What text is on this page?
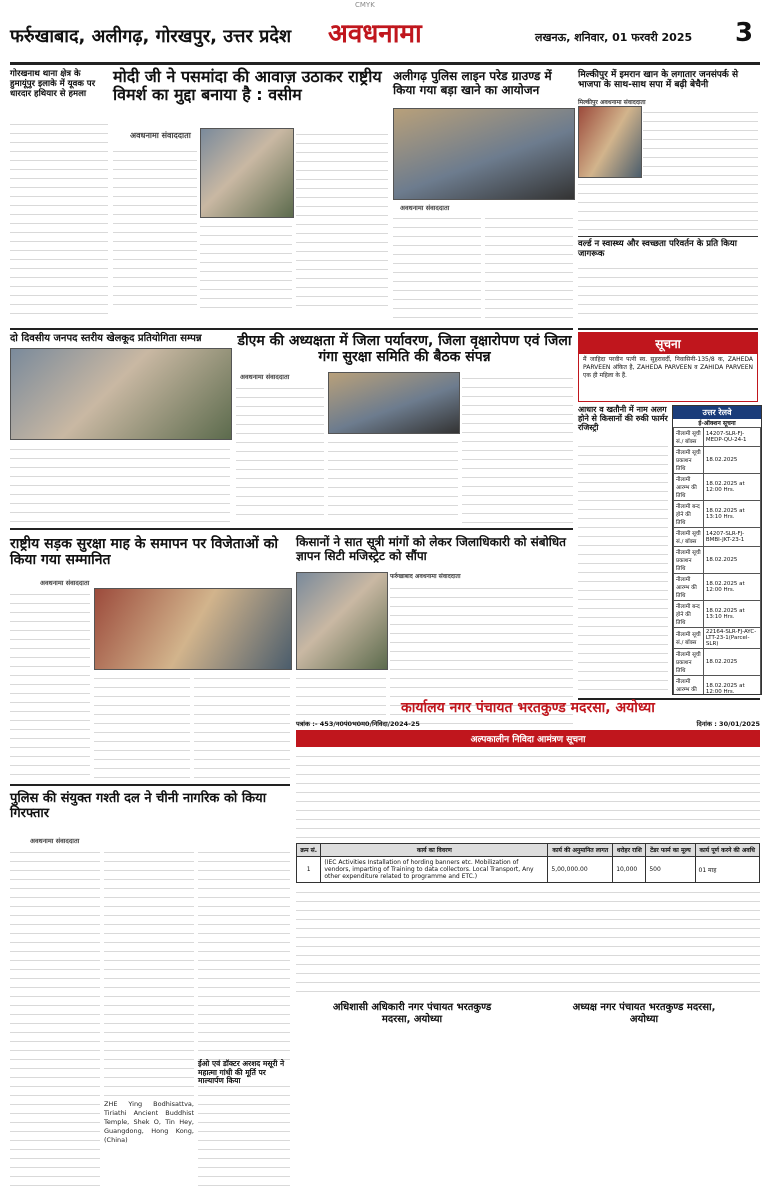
CMYK
फर्रुखाबाद, अलीगढ़, गोरखपुर, उत्तर प्रदेश अवधनामा	लखनऊ, शनिवार, 01 फरवरी 2025 3
गोरखनाथ थाना क्षेत्र के हुमायूंपुर इलाके में यूवक पर धारदार हथियार से हमला
मोदी जी ने पसमांदा की आवाज़ उठाकर राष्ट्रीय विमर्श का मुद्दा बनाया है : वसीम
अवधनामा संवाददाता
अलीगढ़ पुलिस लाइन परेड ग्राउण्ड में किया गया बड़ा खाने का आयोजन
अवधनामा संवाददाता
मिल्कीपुर में इमरान खान के लगातार जनसंपर्क से भाजपा के साथ-साथ सपा में बढ़ी बेचैनी
मिल्कीपुर अवधनामा संवाददाता
वर्ल्ड न स्वास्थ्य और स्वच्छता परिवर्तन के प्रति किया जागरूक
दो दिवसीय जनपद स्तरीय खेलकूद प्रतियोगिता सम्पन्न	डीएम की अध्यक्षता में जिला पर्यावरण, जिला वृक्षारोपण एवं जिला गंगा सुरक्षा समिति की बैठक संपन्न
अवधनामा संवाददाता
सूचना
मैं जाहिदा परवीन पत्नी स्व. सुहरावर्दी, निवासिनी-135/8 क, ZAHEDA PARVEEN अंकित है, ZAHEDA PARVEEN व ZAHIDA PARVEEN एक ही महिला के हैं.
आधार व खतौनी में नाम अलग होने से किसानों की रुकी फार्मर रजिस्ट्री
उत्तर रेलवे
ई-ऑक्शन सूचना
नीलामी सूची सं./ बॉक्स	14207-SLR-FJ-MEDP-QU-24-1
नीलामी सूची प्रकाशन तिथि	18.02.2025
नीलामी आरम्भ की तिथि	18.02.2025 at 12:00 Hrs.
नीलामी बन्द होने की तिथि	18.02.2025 at 13:10 Hrs.
नीलामी सूची सं./ बॉक्स	14207-SLR-FJ-BMBI-JKT-23-1
नीलामी सूची प्रकाशन तिथि	18.02.2025
नीलामी आरम्भ की तिथि	18.02.2025 at 12:00 Hrs.
नीलामी बन्द होने की तिथि	18.02.2025 at 13:10 Hrs.
नीलामी सूची सं./ बॉक्स	22164-SLR-FJ-AYC-LTT-23-1(Parcel-SLR)
नीलामी सूची प्रकाशन तिथि	18.02.2025
नीलामी आरम्भ की	18.02.2025 at 12:00 Hrs.

राष्ट्रीय सड़क सुरक्षा माह के समापन पर विजेताओं को किया गया सम्मानित
अवधनामा संवाददाता
किसानों ने सात सूत्री मांगों को लेकर जिलाधिकारी को संबोधित ज्ञापन सिटी मजिस्ट्रेट को सौंपा
फर्रुखाबाद अवधनामा संवाददाता
कार्यालय नगर पंचायत भरतकुण्ड मदरसा, अयोध्या
पत्रांक :- 453/न0पं0भ0म0/निविदा/2024-25	दिनांक : 30/01/2025
अल्पकालीन निविदा आमंत्रण सूचना
क्रम सं.	कार्य का विवरण	कार्य की अनुमानित लागत	धरोहर राशि	टेंडर फार्म का मूल्य	कार्य पूर्ण करने की अवधि
1	(IEC Activities Installation of hording banners etc. Mobilization of vendors, imparting of Training to data collectors. Local Transport, Any other expenditure related to programme and ETC.)	5,00,000.00	10,000	500	01 माह
अधिशासी अधिकारी नगर पंचायत भरतकुण्ड मदरसा, अयोध्या
अध्यक्ष नगर पंचायत भरतकुण्ड मदरसा, अयोध्या
पुलिस की संयुक्त गश्ती दल ने चीनी नागरिक को किया गिरफ्तार
अवधनामा संवाददाता
ZHE Ying Bodhisattva, Tiriathi Ancient Buddhist Temple, Shek O, Tin Hey, Guangdong, Hong Kong, (China)
ईओ एवं डॉक्टर अरशद मसूरी ने महात्मा गांधी की मूर्ति पर माल्यार्पण किया
